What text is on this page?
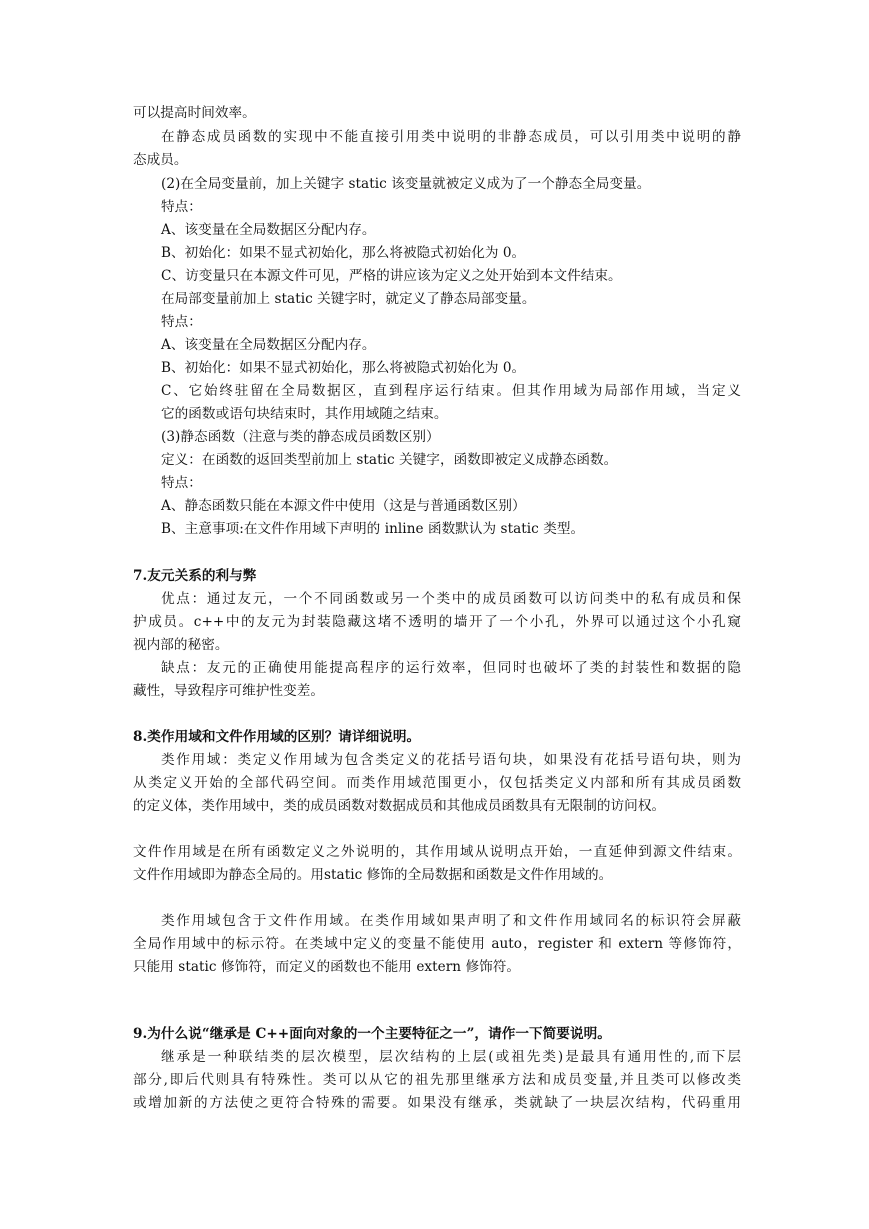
可以提高时间效率。
在静态成员函数的实现中不能直接引用类中说明的非静态成员，可以引用类中说明的静
态成员。
(2)在全局变量前，加上关键字 static 该变量就被定义成为了一个静态全局变量。
特点：
A、该变量在全局数据区分配内存。
B、初始化：如果不显式初始化，那么将被隐式初始化为 0。
C、访变量只在本源文件可见，严格的讲应该为定义之处开始到本文件结束。
在局部变量前加上 static 关键字时，就定义了静态局部变量。
特点：
A、该变量在全局数据区分配内存。
B、初始化：如果不显式初始化，那么将被隐式初始化为 0。
C、它始终驻留在全局数据区，直到程序运行结束。但其作用域为局部作用域，当定义
它的函数或语句块结束时，其作用域随之结束。
(3)静态函数（注意与类的静态成员函数区别）
定义：在函数的返回类型前加上 static 关键字，函数即被定义成静态函数。
特点：
A、静态函数只能在本源文件中使用（这是与普通函数区别）
B、主意事项:在文件作用域下声明的 inline 函数默认为 static 类型。
7.友元关系的利与弊
优点：通过友元，一个不同函数或另一个类中的成员函数可以访问类中的私有成员和保
护成员。c++中的友元为封装隐藏这堵不透明的墙开了一个小孔，外界可以通过这个小孔窥
视内部的秘密。
缺点：友元的正确使用能提高程序的运行效率，但同时也破坏了类的封装性和数据的隐
藏性，导致程序可维护性变差。
8.类作用域和文件作用域的区别？请详细说明。
类作用域：类定义作用域为包含类定义的花括号语句块，如果没有花括号语句块，则为
从类定义开始的全部代码空间。而类作用域范围更小，仅包括类定义内部和所有其成员函数
的定义体，类作用域中，类的成员函数对数据成员和其他成员函数具有无限制的访问权。
文件作用域是在所有函数定义之外说明的，其作用域从说明点开始，一直延伸到源文件结束。
文件作用域即为静态全局的。用static 修饰的全局数据和函数是文件作用域的。
类作用域包含于文件作用域。在类作用域如果声明了和文件作用域同名的标识符会屏蔽
全局作用域中的标示符。在类域中定义的变量不能使用 auto，register 和 extern 等修饰符，
只能用 static 修饰符，而定义的函数也不能用 extern 修饰符。
9.为什么说“继承是 C++面向对象的一个主要特征之一”，请作一下简要说明。
继承是一种联结类的层次模型，层次结构的上层(或祖先类)是最具有通用性的,而下层
部分,即后代则具有特殊性。类可以从它的祖先那里继承方法和成员变量,并且类可以修改类
或增加新的方法使之更符合特殊的需要。如果没有继承，类就缺了一块层次结构，代码重用
